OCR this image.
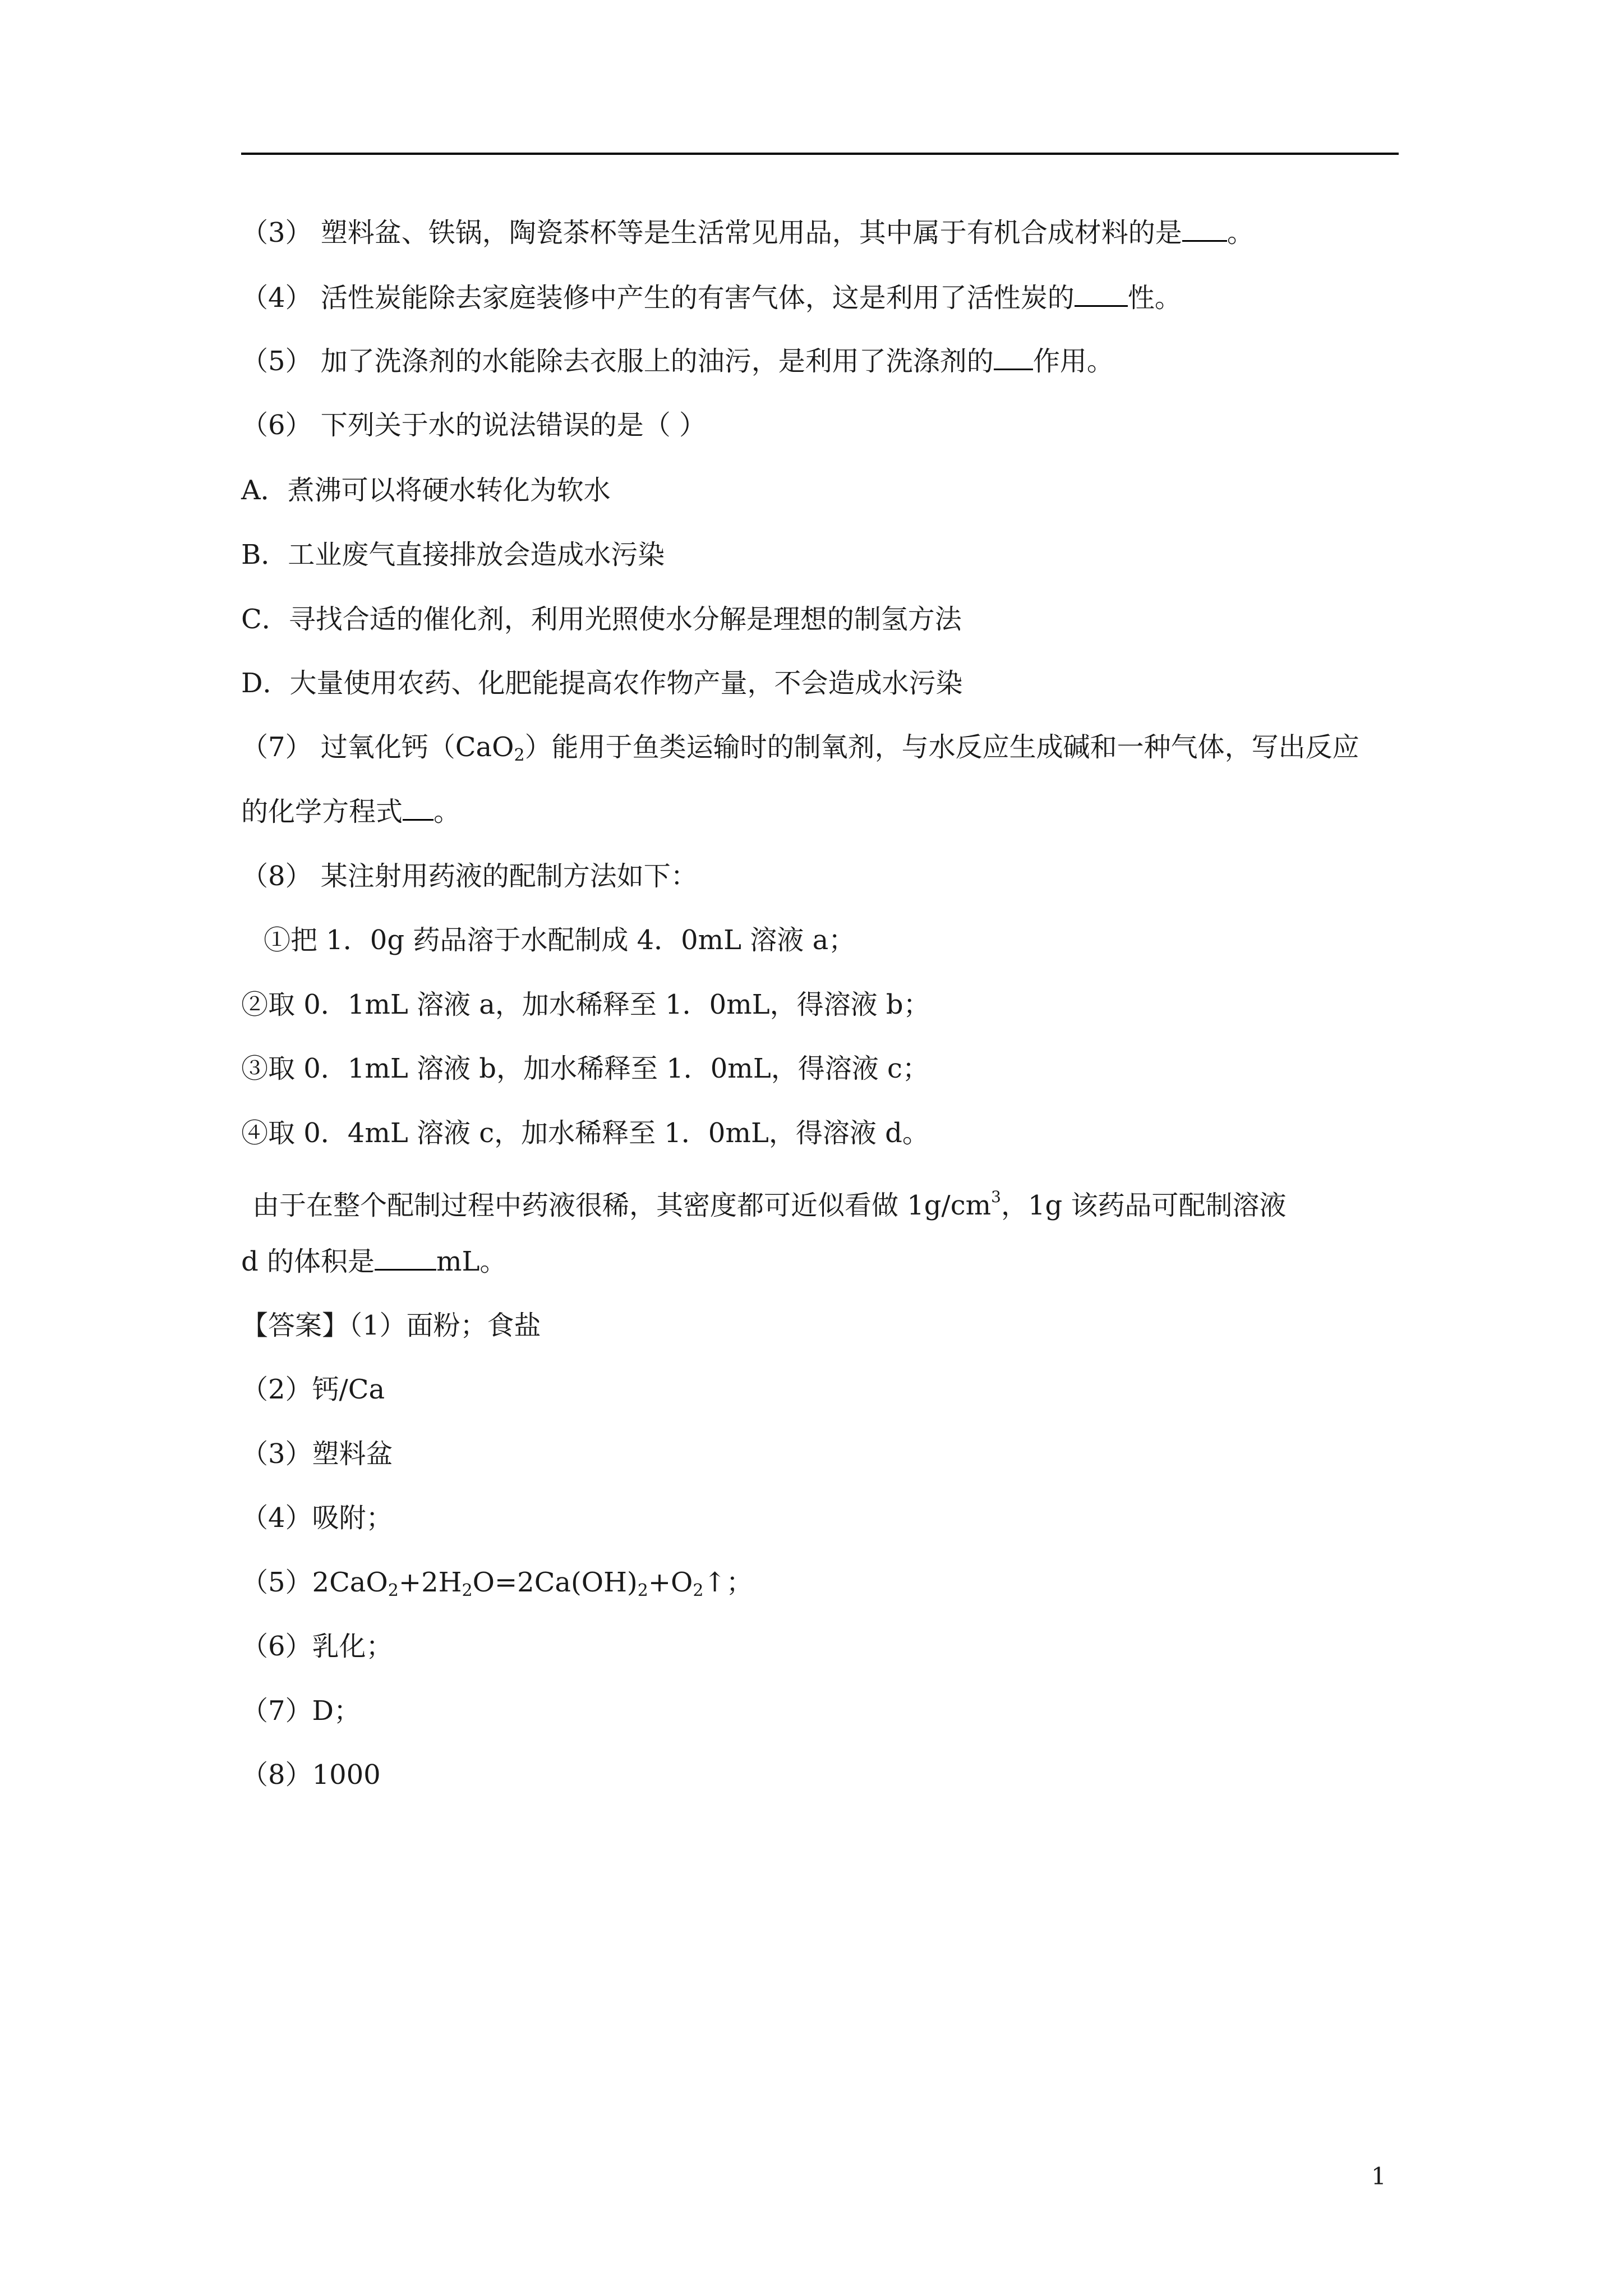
（3） 塑料盆、铁锅，陶瓷茶杯等是生活常见用品，其中属于有机合成材料的是 。
（4） 活性炭能除去家庭装修中产生的有害气体，这是利用了活性炭的 性。
（5） 加了洗涤剂的水能除去衣服上的油污，是利用了洗涤剂的 作用。
（6） 下列关于水的说法错误的是（ ）
A．煮沸可以将硬水转化为软水
B．工业废气直接排放会造成水污染
C．寻找合适的催化剂，利用光照使水分解是理想的制氢方法
D．大量使用农药、化肥能提高农作物产量，不会造成水污染
（7） 过氧化钙（CaO$_2$）能用于鱼类运输时的制氧剂，与水反应生成碱和一种气体，写出反应
的化学方程式 。
（8） 某注射用药液的配制方法如下：
①把 1．0g 药品溶于水配制成 4．0mL 溶液 a；
②取 0．1mL 溶液 a，加水稀释至 1．0mL，得溶液 b；
③取 0．1mL 溶液 b，加水稀释至 1．0mL，得溶液 c；
④取 0．4mL 溶液 c，加水稀释至 1．0mL，得溶液 d。
由于在整个配制过程中药液很稀，其密度都可近似看做 $1g/cm^3$，1g 该药品可配制溶液
d 的体积是 mL。
【答案】（1）面粉；食盐
（2）钙/Ca
（3）塑料盆
（4）吸附；
$(5)2CaO_2+2H_2O=2Ca(OH)_2+O_2↑$；
（6）乳化；
（7）D；
（8）1000
1
